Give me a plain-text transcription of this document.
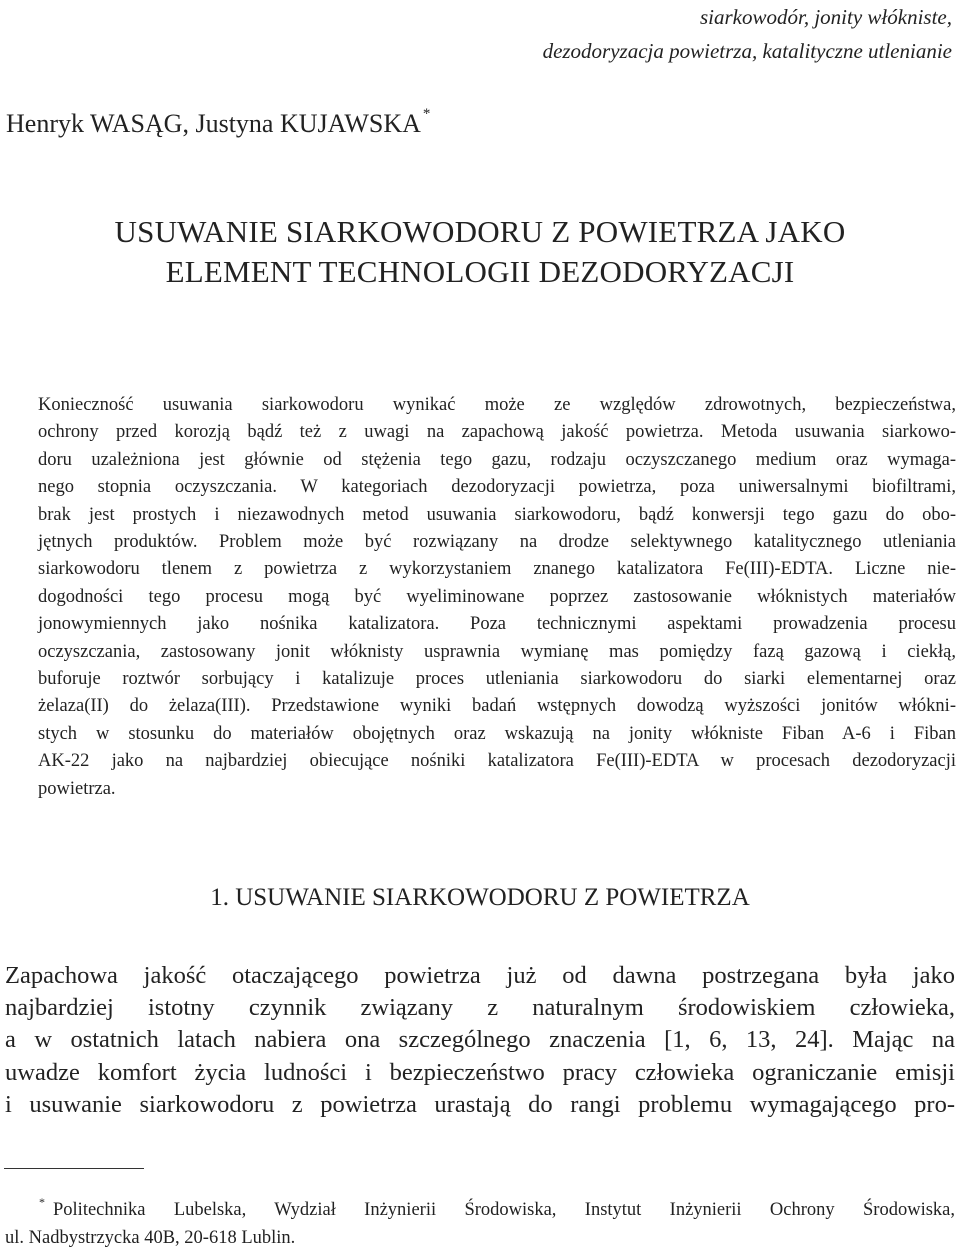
siarkowodór, jonity włókniste,
dezodoryzacja powietrza, katalityczne utlenianie
Henryk WASĄG, Justyna KUJAWSKA *
USUWANIE SIARKOWODORU Z POWIETRZA JAKO
ELEMENT TECHNOLOGII DEZODORYZACJI
Konieczność usuwania siarkowodoru wynikać może ze względów zdrowotnych, bezpieczeństwa,
ochrony przed korozją bądź też z uwagi na zapachową jakość powietrza. Metoda usuwania siarkowo-
doru uzależniona jest głównie od stężenia tego gazu, rodzaju oczyszczanego medium oraz wymaga-
nego stopnia oczyszczania. W kategoriach dezodoryzacji powietrza, poza uniwersalnymi biofiltrami,
brak jest prostych i niezawodnych metod usuwania siarkowodoru, bądź konwersji tego gazu do obo-
jętnych produktów. Problem może być rozwiązany na drodze selektywnego katalitycznego utleniania
siarkowodoru tlenem z powietrza z wykorzystaniem znanego katalizatora Fe(III)-EDTA. Liczne nie-
dogodności tego procesu mogą być wyeliminowane poprzez zastosowanie włóknistych materiałów
jonowymiennych jako nośnika katalizatora. Poza technicznymi aspektami prowadzenia procesu
oczyszczania, zastosowany jonit włóknisty usprawnia wymianę mas pomiędzy fazą gazową i ciekłą,
buforuje roztwór sorbujący i katalizuje proces utleniania siarkowodoru do siarki elementarnej oraz
żelaza(II) do żelaza(III). Przedstawione wyniki badań wstępnych dowodzą wyższości jonitów włókni-
stych w stosunku do materiałów obojętnych oraz wskazują na jonity włókniste Fiban A-6 i Fiban
AK-22 jako na najbardziej obiecujące nośniki katalizatora Fe(III)-EDTA w procesach dezodoryzacji
powietrza.
1. USUWANIE SIARKOWODORU Z POWIETRZA
Zapachowa jakość otaczającego powietrza już od dawna postrzegana była jako
najbardziej istotny czynnik związany z naturalnym środowiskiem człowieka,
a w ostatnich latach nabiera ona szczególnego znaczenia [1, 6, 13, 24]. Mając na
uwadze komfort życia ludności i bezpieczeństwo pracy człowieka ograniczanie emisji
i usuwanie siarkowodoru z powietrza urastają do rangi problemu wymagającego pro-
* Politechnika Lubelska, Wydział Inżynierii Środowiska, Instytut Inżynierii Ochrony Środowiska,
ul. Nadbystrzycka 40B, 20-618 Lublin.
